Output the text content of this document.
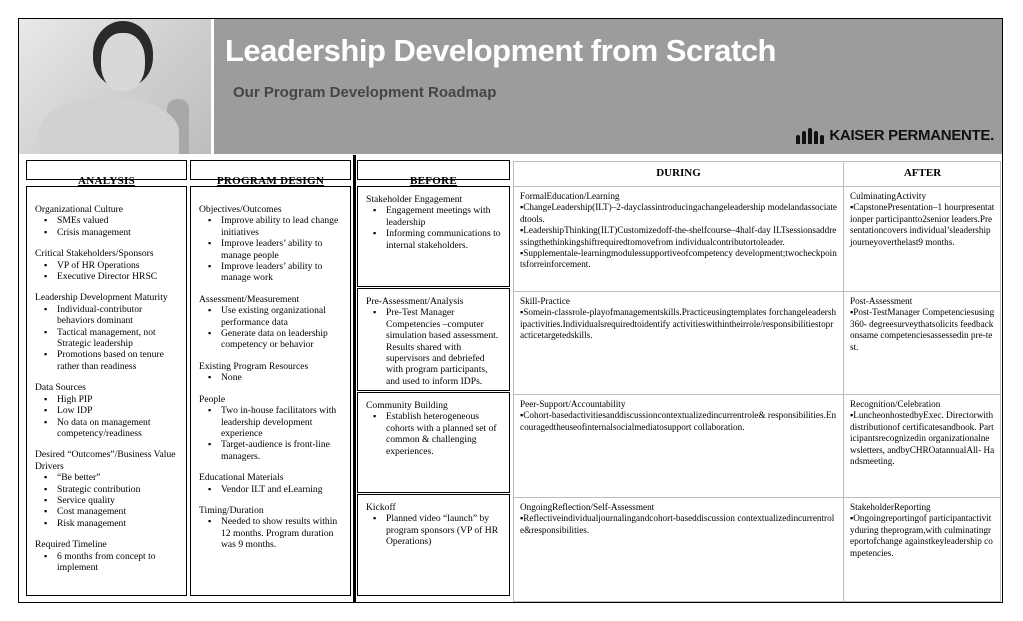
Leadership Development from Scratch
Our Program Development Roadmap
KAISER PERMANENTE.
ANALYSIS
Organizational Culture
▪ SMEs valued
▪ Crisis management
Critical Stakeholders/Sponsors
▪ VP of HR Operations
▪ Executive Director HRSC
Leadership Development Maturity
▪ Individual-contributor behaviors dominant
▪ Tactical management, not Strategic leadership
▪ Promotions based on tenure rather than readiness
Data Sources
▪ High PIP
▪ Low IDP
▪ No data on management competency/readiness
Desired “Outcomes”/Business Value Drivers
▪ “Be better”
▪ Strategic contribution
▪ Service quality
▪ Cost management
▪ Risk management
Required Timeline
▪ 6 months from concept to implement
PROGRAM DESIGN
Objectives/Outcomes
▪ Improve ability to lead change initiatives
▪ Improve leaders’ ability to manage people
▪ Improve leaders’ ability to manage work
Assessment/Measurement
▪ Use existing organizational performance data
▪ Generate data on leadership competency or behavior
Existing Program Resources
▪ None
People
▪ Two in-house facilitators with leadership development experience
▪ Target-audience is front-line managers.
Educational Materials
▪ Vendor ILT and eLearning
Timing/Duration
▪ Needed to show results within 12 months. Program duration was 9 months.
BEFORE
Stakeholder Engagement
▪ Engagement meetings with leadership
▪ Informing communications to internal stakeholders.
Pre-Assessment/Analysis
▪ Pre-Test Manager Competencies –computer simulation based assessment. Results shared with supervisors and debriefed with program participants, and used to inform IDPs.
Community Building
▪ Establish heterogeneous cohorts with a planned set of common & challenging experiences.
Kickoff
▪ Planned video “launch” by program sponsors (VP of HR Operations)
DURING	AFTER
FormalEducation/Learning
▪ChangeLeadership(ILT)–2-dayclassintroducingachangeleadership modelandassociatedtools.
▪LeadershipThinking(ILT)Customizedoff-the-shelfcourse–4half-day ILTsessionsaddressingthethinkingshiftrequiredtomovefrom individualcontributortoleader.
▪Supplementale-learningmodulessupportiveofcompetency development;twocheckpointsforreinforcement.
CulminatingActivity
▪CapstonePresentation–1 hourpresentationper participantto2senior leaders.Presentationcovers individual’sleadership journeyoverthelast9 months.
Skill-Practice
▪Somein-classrole-playofmanagementskills.Practiceusingtemplates forchangeleadershipactivities.Individualsrequiredtoidentify activitieswithintheirrole/responsibilitiestopracticetargetedskills.
Post-Assessment
▪Post-TestManager Competenciesusing360- degreesurveythatsolicits feedbackonsame competenciesassessedin pre-test.
Peer-Support/Accountability
▪Cohort-basedactivitiesanddiscussioncontextualizedincurrentrole& responsibilities.Encouragedtheuseofinternalsocialmediatosupport collaboration.
Recognition/Celebration
▪LuncheonhostedbyExec. Directorwithdistributionof certificatesandbook. Participantsrecognizedin organizationalnewsletters, andbyCHROatannualAll- Handsmeeting.
OngoingReflection/Self-Assessment
▪Reflectiveindividualjournalingandcohort-baseddiscussion contextualizedincurrentrole&responsibilities.
StakeholderReporting
▪Ongoingreportingof participantactivityduring theprogram,with culminatingreportofchange againstkeyleadership competencies.
